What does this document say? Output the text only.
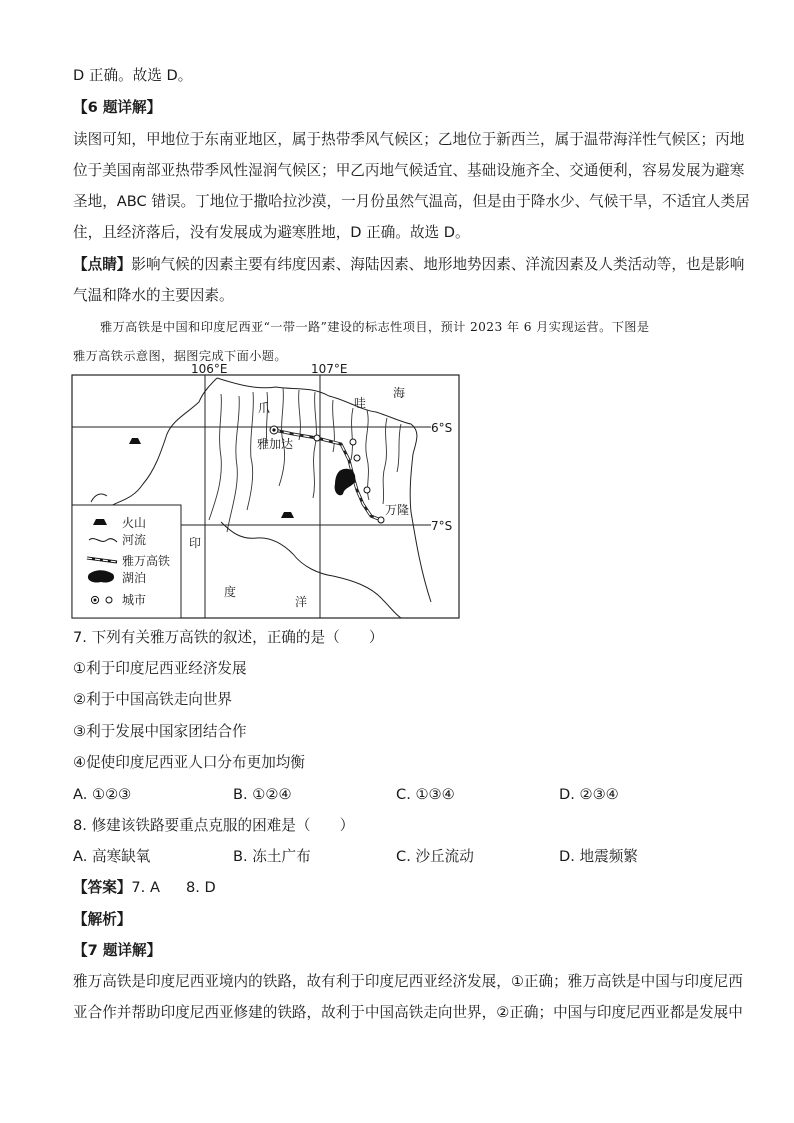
D 正确。故选 D。
【6 题详解】
读图可知，甲地位于东南亚地区，属于热带季风气候区；乙地位于新西兰，属于温带海洋性气候区；丙地
位于美国南部亚热带季风性湿润气候区；甲乙丙地气候适宜、基础设施齐全、交通便利，容易发展为避寒
圣地，ABC 错误。丁地位于撒哈拉沙漠，一月份虽然气温高，但是由于降水少、气候干旱，不适宜人类居
住，且经济落后，没有发展成为避寒胜地，D 正确。故选 D。
【点睛】影响气候的因素主要有纬度因素、海陆因素、地形地势因素、洋流因素及人类活动等，也是影响
气温和降水的主要因素。
雅万高铁是中国和印度尼西亚“一带一路”建设的标志性项目，预计 2023 年 6 月实现运营。下图是
雅万高铁示意图，据图完成下面小题。
106°E	107°E
6°S
7°S
爪	哇
海
印
度
洋
雅加达
万隆
火山
河流
雅万高铁
湖泊
城市
7. 下列有关雅万高铁的叙述，正确的是（　　）
①利于印度尼西亚经济发展
②利于中国高铁走向世界
③利于发展中国家团结合作
④促使印度尼西亚人口分布更加均衡
A. ①②③	B. ①②④	C. ①③④	D. ②③④
8. 修建该铁路要重点克服的困难是（　　）
A. 高寒缺氧	B. 冻土广布	C. 沙丘流动	D. 地震频繁
【答案】7. A 8. D
【解析】
【7 题详解】
雅万高铁是印度尼西亚境内的铁路，故有利于印度尼西亚经济发展，①正确；雅万高铁是中国与印度尼西
亚合作并帮助印度尼西亚修建的铁路，故利于中国高铁走向世界，②正确；中国与印度尼西亚都是发展中
